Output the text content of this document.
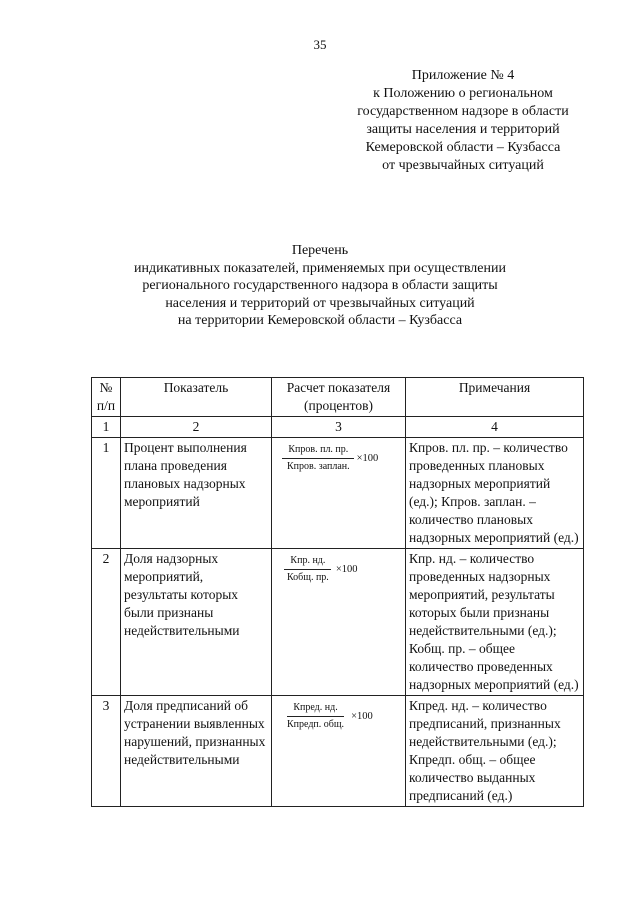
35
Приложение № 4
к Положению о региональном
государственном надзоре в области
защиты населения и территорий
Кемеровской области – Кузбасса
от чрезвычайных ситуаций
Перечень
индикативных показателей, применяемых при осуществлении
регионального государственного надзора в области защиты
населения и территорий от чрезвычайных ситуаций
на территории Кемеровской области – Кузбасса
№ п/п	Показатель	Расчет показателя (процентов)	Примечания
1	2	3	4
1	Процент выполнения плана проведения плановых надзорных мероприятий	$\frac{\text{Кпров. пл. пр.}}{\text{Кпров. заплан.}} \times 100$	Кпров. пл. пр. – количество проведенных плановых надзорных мероприятий (ед.); Кпров. заплан. – количество плановых надзорных мероприятий (ед.)
2	Доля надзорных мероприятий, результаты которых были признаны недействительными	$\frac{\text{Кпр. нд.}}{\text{Кобщ. пр.}} \times 100$	Кпр. нд. – количество проведенных надзорных мероприятий, результаты которых были признаны недействительными (ед.); Кобщ. пр. – общее количество проведенных надзорных мероприятий (ед.)
3	Доля предписаний об устранении выявленных нарушений, признанных недействительными	$\frac{\text{Кпред. нд.}}{\text{Кпредп. общ.}} \times 100$	Кпред. нд. – количество предписаний, признанных недействительными (ед.); Кпредп. общ. – общее количество выданных предписаний (ед.)
